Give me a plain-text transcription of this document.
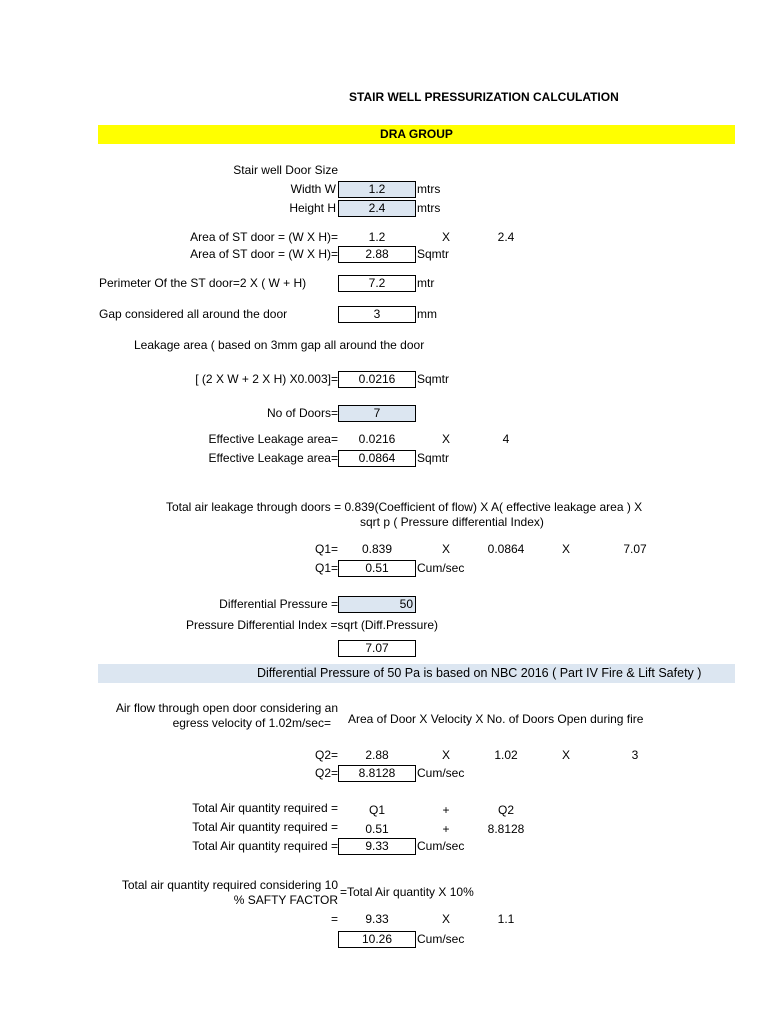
STAIR WELL PRESSURIZATION CALCULATION
DRA GROUP
Stair well Door Size
Width W	1.2	mtrs
Height H	2.4	mtrs
Area of ST door = (W X H)=	1.2	X	2.4
Area of ST door = (W X H)=	2.88	Sqmtr
Perimeter Of the ST door=2 X ( W + H)	7.2	mtr
Gap considered all around the door	3	mm
Leakage area ( based on 3mm gap all around the door
[ (2 X W + 2 X H) X0.003]=	0.0216	Sqmtr
No of Doors=	7
Effective Leakage area=	0.0216	X	4
Effective Leakage area=	0.0864	Sqmtr
Total air leakage through doors = 0.839(Coefficient of flow) X A( effective leakage area ) X
sqrt p ( Pressure differential Index)
Q1=	0.839	X	0.0864	X	7.07
Q1=	0.51	Cum/sec
Differential Pressure =	50
Pressure Differential Index =sqrt (Diff.Pressure)
7.07
Differential Pressure of 50 Pa is based on NBC 2016 ( Part IV Fire & Lift Safety )
Air flow through open door considering an
egress velocity of 1.02m/sec= Area of Door X Velocity X No. of Doors Open during fire
Q2=	2.88	X	1.02	X	3
Q2=	8.8128	Cum/sec
Total Air quantity required =	Q1	+	Q2
Total Air quantity required =	0.51	+	8.8128
Total Air quantity required =	9.33	Cum/sec
Total air quantity required considering 10
% SAFTY FACTOR
=Total Air quantity X 10%
=	9.33	X	1.1
10.26	Cum/sec
